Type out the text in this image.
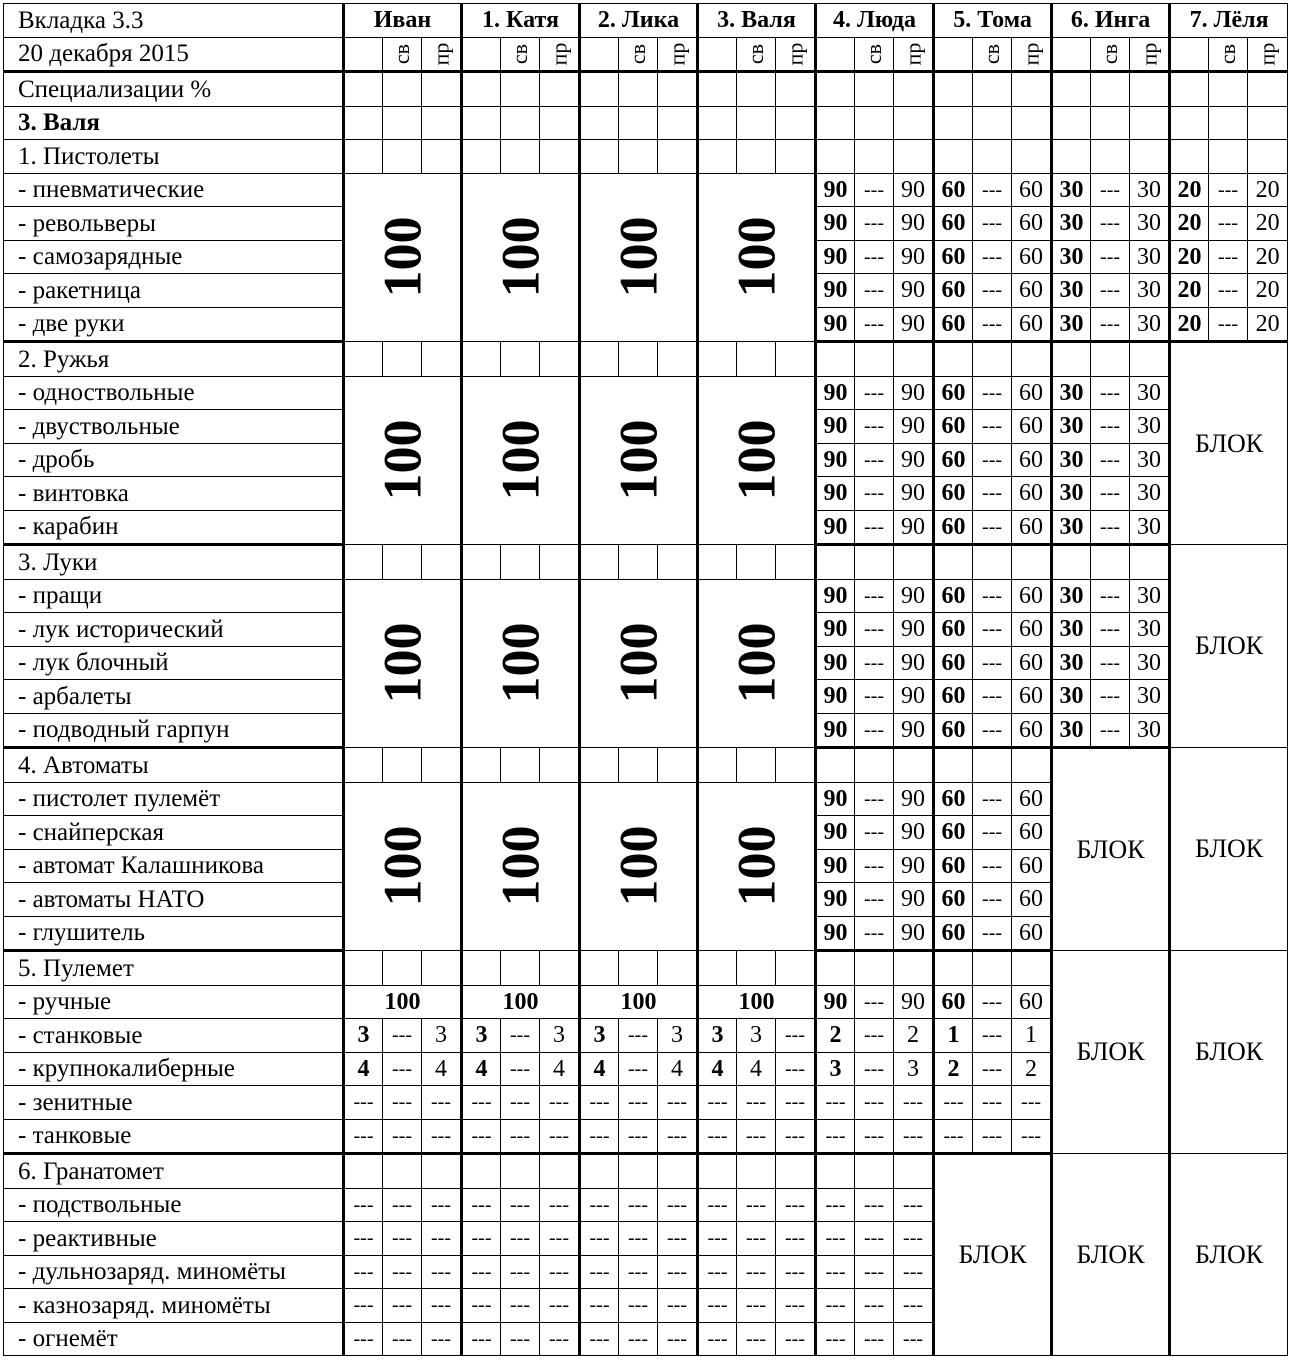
Вкладка 3.3	Иван			1. Катя			2. Лика			3. Валя			4. Люда			5. Тома			6. Инга			7. Лёля		
20 декабря 2015		св	пр		св	пр		св	пр		св	пр		св	пр		св	пр		св	пр		св	пр
Специализации %																								
3. Валя																								
1. Пистолеты																								
- пневматические	100			100			100			100			90	---	90	60	---	60	30	---	30	20	---	20
- револьверы													90	---	90	60	---	60	30	---	30	20	---	20
- самозарядные													90	---	90	60	---	60	30	---	30	20	---	20
- ракетница													90	---	90	60	---	60	30	---	30	20	---	20
- две руки													90	---	90	60	---	60	30	---	30	20	---	20
2. Ружья																						БЛОК		
- одноствольные	100			100			100			100			90	---	90	60	---	60	30	---	30			
- двуствольные													90	---	90	60	---	60	30	---	30			
- дробь													90	---	90	60	---	60	30	---	30			
- винтовка													90	---	90	60	---	60	30	---	30			
- карабин													90	---	90	60	---	60	30	---	30			
3. Луки																						БЛОК		
- пращи	100			100			100			100			90	---	90	60	---	60	30	---	30			
- лук исторический													90	---	90	60	---	60	30	---	30			
- лук блочный													90	---	90	60	---	60	30	---	30			
- арбалеты													90	---	90	60	---	60	30	---	30			
- подводный гарпун													90	---	90	60	---	60	30	---	30			
4. Автоматы																			БЛОК			БЛОК		
- пистолет пулемёт	100			100			100			100			90	---	90	60	---	60						
- снайперская													90	---	90	60	---	60						
- автомат Калашникова													90	---	90	60	---	60						
- автоматы НАТО													90	---	90	60	---	60						
- глушитель													90	---	90	60	---	60						
5. Пулемет																			БЛОК			БЛОК		
- ручные	100			100			100			100			90	---	90	60	---	60						
- станковые	3	---	3	3	---	3	3	---	3	3	3	---	2	---	2	1	---	1						
- крупнокалиберные	4	---	4	4	---	4	4	---	4	4	4	---	3	---	3	2	---	2						
- зенитные	---	---	---	---	---	---	---	---	---	---	---	---	---	---	---	---	---	---						
- танковые	---	---	---	---	---	---	---	---	---	---	---	---	---	---	---	---	---	---						
6. Гранатомет																БЛОК			БЛОК			БЛОК		
- подствольные	---	---	---	---	---	---	---	---	---	---	---	---	---	---	---									
- реактивные	---	---	---	---	---	---	---	---	---	---	---	---	---	---	---									
- дульнозаряд. миномёты	---	---	---	---	---	---	---	---	---	---	---	---	---	---	---									
- казнозаряд. миномёты	---	---	---	---	---	---	---	---	---	---	---	---	---	---	---									
- огнемёт	---	---	---	---	---	---	---	---	---	---	---	---	---	---	---									
